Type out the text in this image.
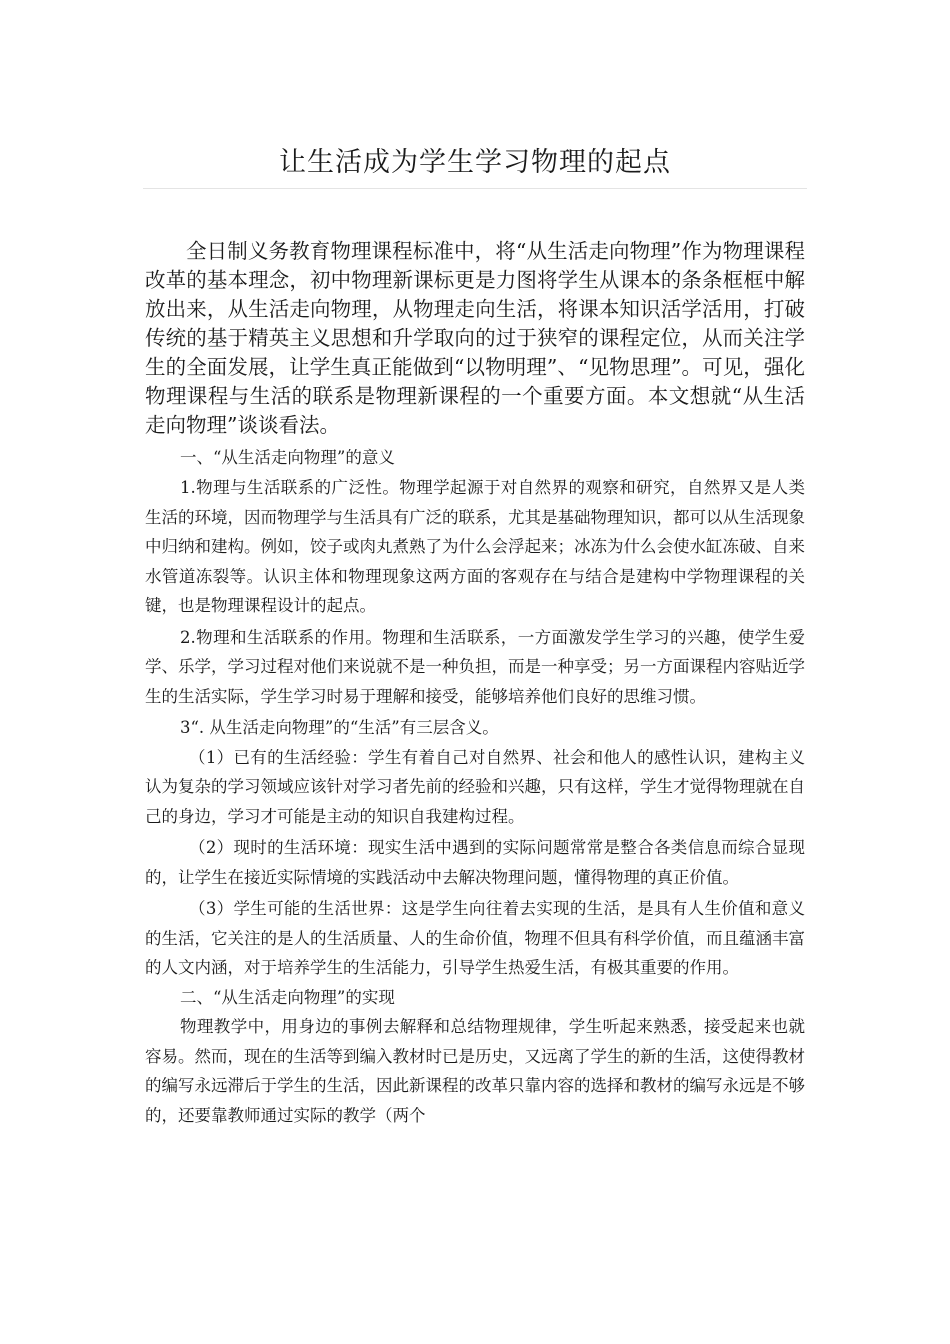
让生活成为学生学习物理的起点

全日制义务教育物理课程标准中，将“从生活走向物理”作为物理课程改革的基本理念，初中物理新课标更是力图将学生从课本的条条框框中解放出来，从生活走向物理，从物理走向生活，将课本知识活学活用，打破传统的基于精英主义思想和升学取向的过于狭窄的课程定位，从而关注学生的全面发展，让学生真正能做到“以物明理”、“见物思理”。可见，强化物理课程与生活的联系是物理新课程的一个重要方面。本文想就“从生活走向物理”谈谈看法。

一、“从生活走向物理”的意义

1.物理与生活联系的广泛性。物理学起源于对自然界的观察和研究，自然界又是人类生活的环境，因而物理学与生活具有广泛的联系，尤其是基础物理知识，都可以从生活现象中归纳和建构。例如，饺子或肉丸煮熟了为什么会浮起来；冰冻为什么会使水缸冻破、自来水管道冻裂等。认识主体和物理现象这两方面的客观存在与结合是建构中学物理课程的关键，也是物理课程设计的起点。

2.物理和生活联系的作用。物理和生活联系，一方面激发学生学习的兴趣，使学生爱学、乐学，学习过程对他们来说就不是一种负担，而是一种享受；另一方面课程内容贴近学生的生活实际，学生学习时易于理解和接受，能够培养他们良好的思维习惯。

3“. 从生活走向物理”的“生活”有三层含义。

（1）已有的生活经验：学生有着自己对自然界、社会和他人的感性认识，建构主义认为复杂的学习领域应该针对学习者先前的经验和兴趣，只有这样，学生才觉得物理就在自己的身边，学习才可能是主动的知识自我建构过程。

（2）现时的生活环境：现实生活中遇到的实际问题常常是整合各类信息而综合显现的，让学生在接近实际情境的实践活动中去解决物理问题，懂得物理的真正价值。

（3）学生可能的生活世界：这是学生向往着去实现的生活，是具有人生价值和意义的生活，它关注的是人的生活质量、人的生命价值，物理不但具有科学价值，而且蕴涵丰富的人文内涵，对于培养学生的生活能力，引导学生热爱生活，有极其重要的作用。

二、“从生活走向物理”的实现

物理教学中，用身边的事例去解释和总结物理规律，学生听起来熟悉，接受起来也就容易。然而，现在的生活等到编入教材时已是历史，又远离了学生的新的生活，这使得教材的编写永远滞后于学生的生活，因此新课程的改革只靠内容的选择和教材的编写永远是不够的，还要靠教师通过实际的教学（两个
